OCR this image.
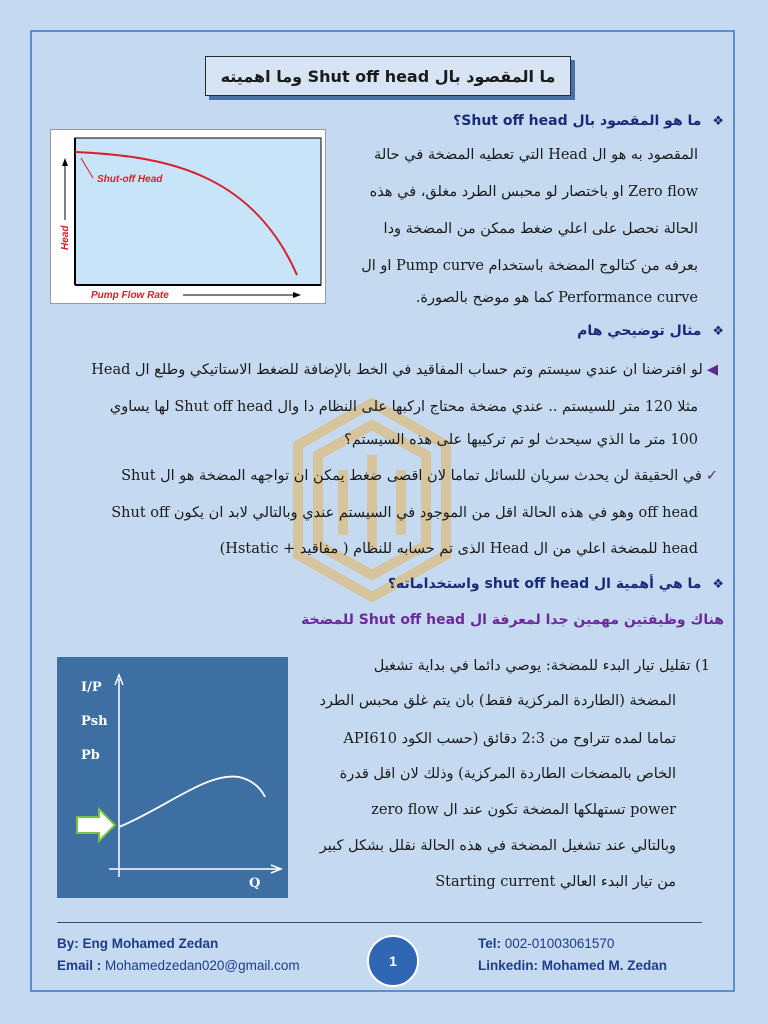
ما المقصود بال Shut off head وما اهميته
❖ ما هو المقصود بال Shut off head؟
المقصود به هو ال Head التي تعطيه المضخة في حالة
Zero flow او باختصار لو محبس الطرد مغلق، في هذه
الحالة نحصل على اعلي ضغط ممكن من المضخة ودا
بعرفه من كتالوج المضخة باستخدام Pump curve او ال
Performance curve كما هو موضح بالصورة.
Shut-off Head
Head
Pump Flow Rate
❖ مثال توضيحي هام
◀لو افترضنا ان عندي سيستم وتم حساب المفاقيد في الخط بالإضافة للضغط الاستاتيكي وطلع ال Head
مثلا 120 متر للسيستم .. عندي مضخة محتاج اركبها على النظام دا وال Shut off head لها يساوي
100 متر ما الذي سيحدث لو تم تركيبها على هذه السيستم؟
✓في الحقيقة لن يحدث سريان للسائل تماما لان اقصى ضغط يمكن ان تواجهه المضخة هو ال Shut
off head وهو في هذه الحالة اقل من الموجود في السيستم عندي وبالتالي لابد ان يكون Shut off
head للمضخة اعلي من ال Head الذى تم حسابه للنظام ( مفاقيد + Hstatic)
❖ ما هي أهمية ال shut off head واستخداماته؟
هناك وظيفتين مهمين جدا لمعرفة ال Shut off head للمضخة
1) تقليل تيار البدء للمضخة: يوصي دائما في بداية تشغيل
المضخة (الطاردة المركزية فقط) بان يتم غلق محبس الطرد
تماما لمده تتراوح من 2:3 دقائق (حسب الكود API610
الخاص بالمضخات الطاردة المركزية) وذلك لان اقل قدرة
power تستهلكها المضخة تكون عند ال zero flow
وبالتالي عند تشغيل المضخة في هذه الحالة نقلل بشكل كبير
من تيار البدء العالي Starting current
I/P
Psh
Pb
Q
By: Eng Mohamed Zedan
Email : Mohamedzedan020@gmail.com	1
Tel: 002-01003061570
Linkedin: Mohamed M. Zedan
